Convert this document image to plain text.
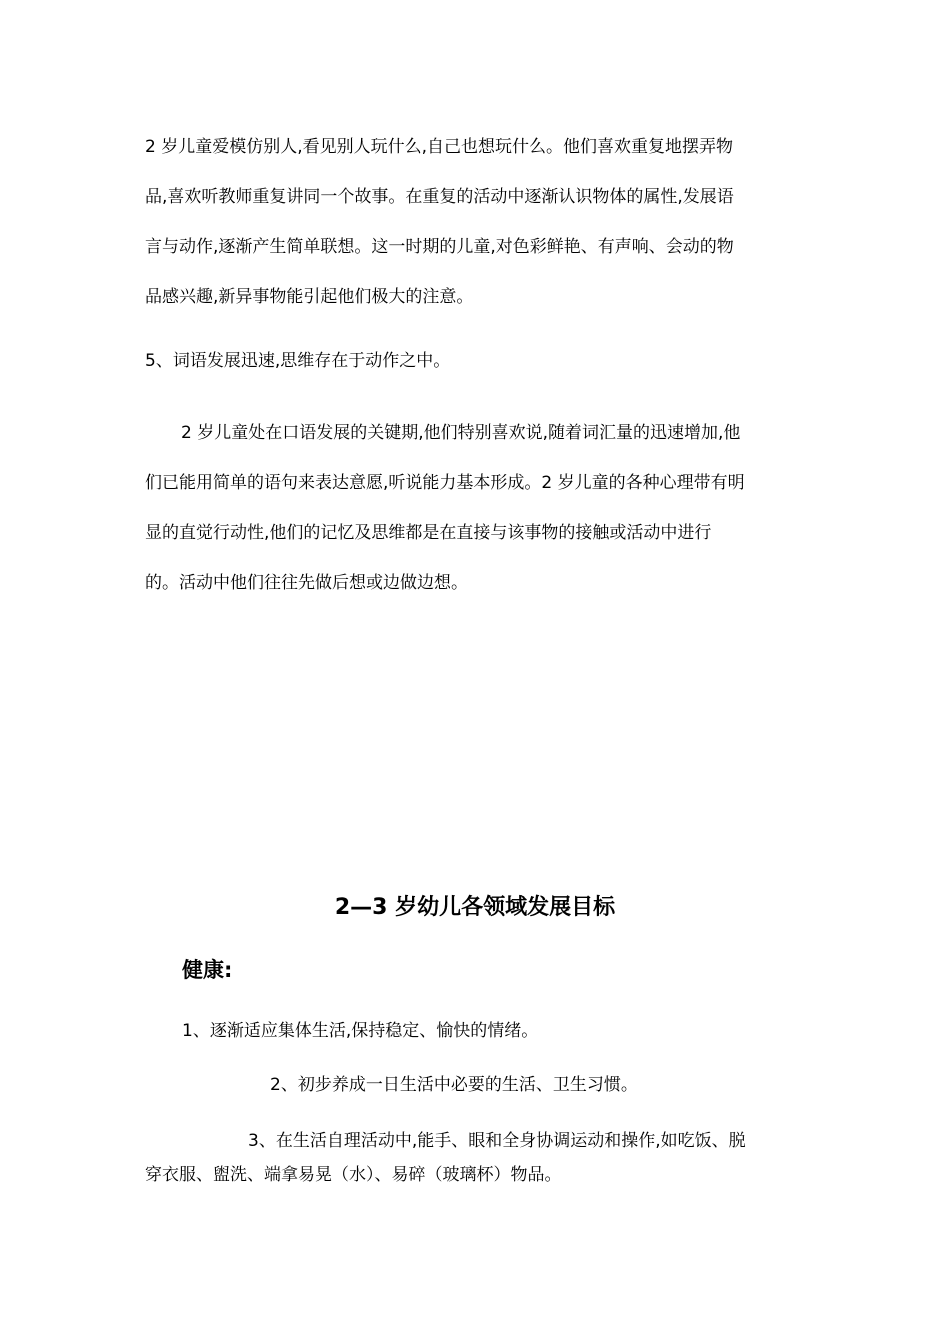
2 岁儿童爱模仿别人,看见别人玩什么,自己也想玩什么。他们喜欢重复地摆弄物
品,喜欢听教师重复讲同一个故事。在重复的活动中逐渐认识物体的属性,发展语
言与动作,逐渐产生简单联想。这一时期的儿童,对色彩鲜艳、有声响、会动的物
品感兴趣,新异事物能引起他们极大的注意。

5、词语发展迅速,思维存在于动作之中。

2 岁儿童处在口语发展的关键期,他们特别喜欢说,随着词汇量的迅速增加,他
们已能用简单的语句来表达意愿,听说能力基本形成。2 岁儿童的各种心理带有明
显的直觉行动性,他们的记忆及思维都是在直接与该事物的接触或活动中进行
的。活动中他们往往先做后想或边做边想。

2—3 岁幼儿各领域发展目标
健康:

1、逐渐适应集体生活,保持稳定、愉快的情绪。

2、初步养成一日生活中必要的生活、卫生习惯。

3、在生活自理活动中,能手、眼和全身协调运动和操作,如吃饭、脱
穿衣服、盥洗、端拿易晃（水）、易碎（玻璃杯）物品。
